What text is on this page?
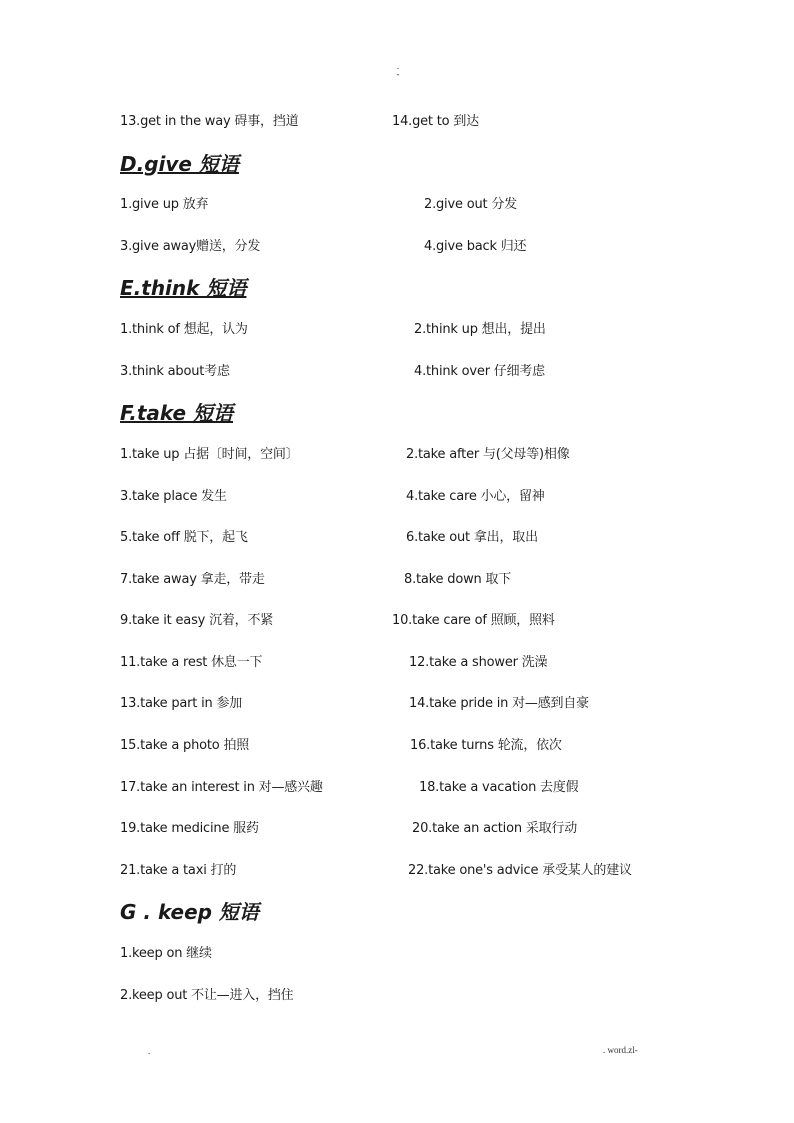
.
-
13.get in the way 碍事，挡道	14.get to 到达
D.give 短语
1.give up 放弃	2.give out 分发
3.give away赠送，分发	4.give back 归还
E.think 短语
1.think of 想起，认为	2.think up 想出，提出
3.think about考虑	4.think over 仔细考虑
F.take 短语
1.take up 占据〔时间，空间〕	2.take after 与(父母等)相像
3.take place 发生	4.take care 小心，留神
5.take off 脱下，起飞	6.take out 拿出，取出
7.take away 拿走，带走	8.take down 取下
9.take it easy 沉着，不紧	10.take care of 照顾，照料
11.take a rest 休息一下	12.take a shower 洗澡
13.take part in 参加	14.take pride in 对—感到自豪
15.take a photo 拍照	16.take turns 轮流，依次
17.take an interest in 对—感兴趣	18.take a vacation 去度假
19.take medicine 服药	20.take an action 采取行动
21.take a taxi 打的	22.take one's advice 承受某人的建议
G . keep 短语
1.keep on 继续
2.keep out 不让—进入，挡住
.	. word.zl-
